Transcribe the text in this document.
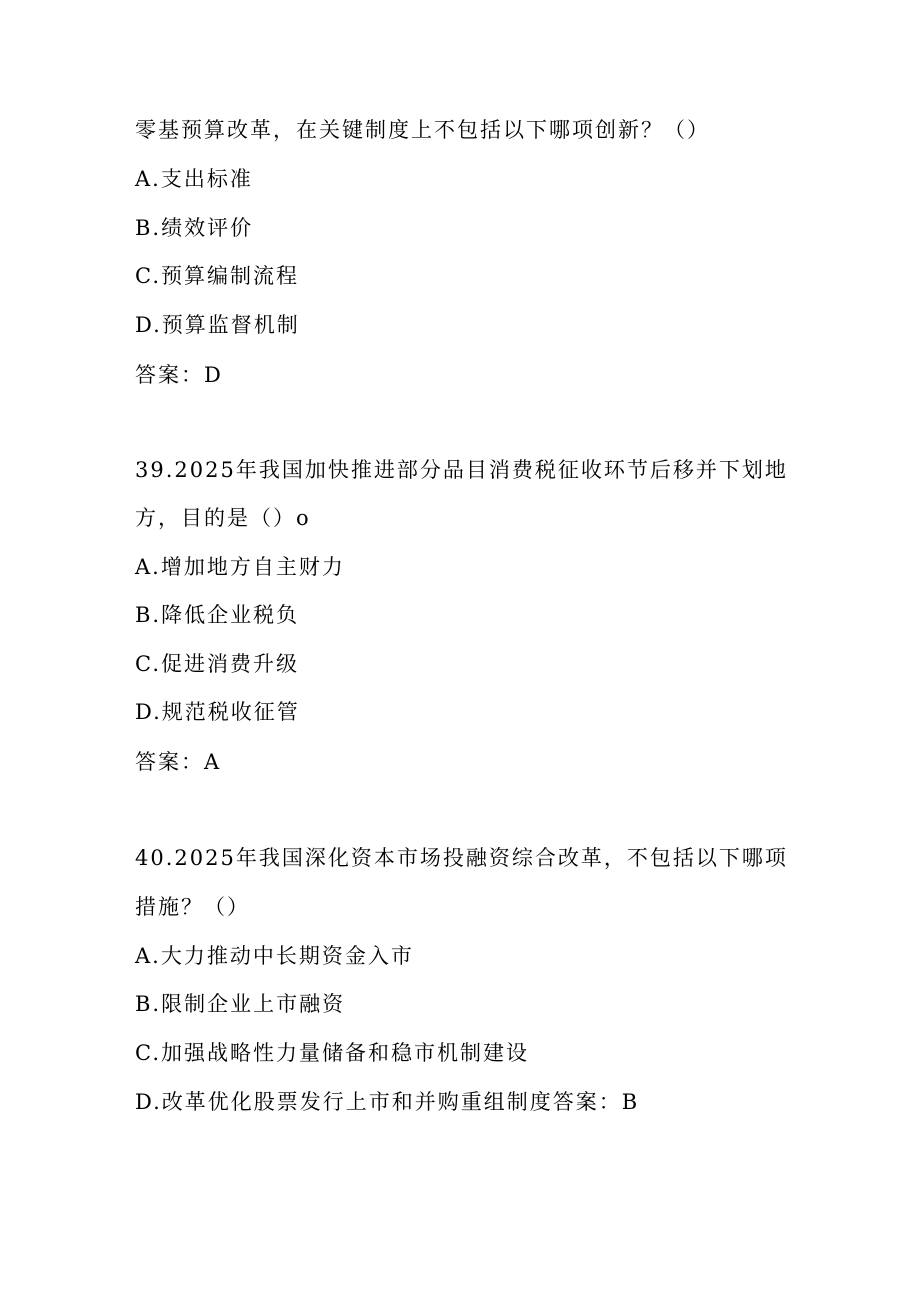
零基预算改革，在关键制度上不包括以下哪项创新？（）
A.支出标准
B.绩效评价
C.预算编制流程
D.预算监督机制
答案：D
39.2025年我国加快推进部分品目消费税征收环节后移并下划地
方，目的是（）o
A.增加地方自主财力
B.降低企业税负
C.促进消费升级
D.规范税收征管
答案：A
40.2025年我国深化资本市场投融资综合改革，不包括以下哪项
措施？（）
A.大力推动中长期资金入市
B.限制企业上市融资
C.加强战略性力量储备和稳市机制建设
D.改革优化股票发行上市和并购重组制度答案：B
